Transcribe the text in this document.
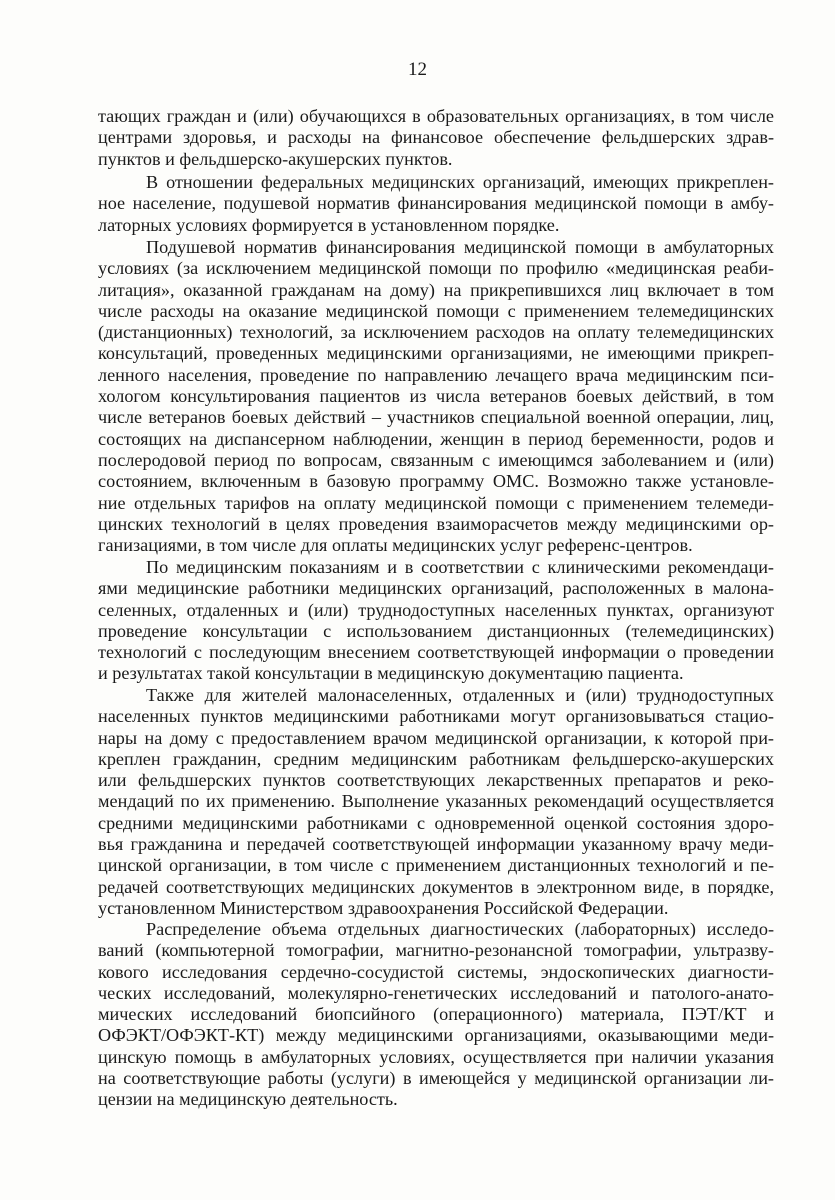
12
тающих граждан и (или) обучающихся в образовательных организациях, в том числе
центрами здоровья, и расходы на финансовое обеспечение фельдшерских здрав-
пунктов и фельдшерско-акушерских пунктов.
В отношении федеральных медицинских организаций, имеющих прикреплен-
ное население, подушевой норматив финансирования медицинской помощи в амбу-
латорных условиях формируется в установленном порядке.
Подушевой норматив финансирования медицинской помощи в амбулаторных
условиях (за исключением медицинской помощи по профилю «медицинская реаби-
литация», оказанной гражданам на дому) на прикрепившихся лиц включает в том
числе расходы на оказание медицинской помощи с применением телемедицинских
(дистанционных) технологий, за исключением расходов на оплату телемедицинских
консультаций, проведенных медицинскими организациями, не имеющими прикреп-
ленного населения, проведение по направлению лечащего врача медицинским пси-
хологом консультирования пациентов из числа ветеранов боевых действий, в том
числе ветеранов боевых действий – участников специальной военной операции, лиц,
состоящих на диспансерном наблюдении, женщин в период беременности, родов и
послеродовой период по вопросам, связанным с имеющимся заболеванием и (или)
состоянием, включенным в базовую программу ОМС. Возможно также установле-
ние отдельных тарифов на оплату медицинской помощи с применением телемеди-
цинских технологий в целях проведения взаиморасчетов между медицинскими ор-
ганизациями, в том числе для оплаты медицинских услуг референс-центров.
По медицинским показаниям и в соответствии с клиническими рекомендаци-
ями медицинские работники медицинских организаций, расположенных в малона-
селенных, отдаленных и (или) труднодоступных населенных пунктах, организуют
проведение консультации с использованием дистанционных (телемедицинских)
технологий с последующим внесением соответствующей информации о проведении
и результатах такой консультации в медицинскую документацию пациента.
Также для жителей малонаселенных, отдаленных и (или) труднодоступных
населенных пунктов медицинскими работниками могут организовываться стацио-
нары на дому с предоставлением врачом медицинской организации, к которой при-
креплен гражданин, средним медицинским работникам фельдшерско-акушерских
или фельдшерских пунктов соответствующих лекарственных препаратов и реко-
мендаций по их применению. Выполнение указанных рекомендаций осуществляется
средними медицинскими работниками с одновременной оценкой состояния здоро-
вья гражданина и передачей соответствующей информации указанному врачу меди-
цинской организации, в том числе с применением дистанционных технологий и пе-
редачей соответствующих медицинских документов в электронном виде, в порядке,
установленном Министерством здравоохранения Российской Федерации.
Распределение объема отдельных диагностических (лабораторных) исследо-
ваний (компьютерной томографии, магнитно-резонансной томографии, ультразву-
кового исследования сердечно-сосудистой системы, эндоскопических диагности-
ческих исследований, молекулярно-генетических исследований и патолого-анато-
мических исследований биопсийного (операционного) материала, ПЭТ/КТ и
ОФЭКТ/ОФЭКТ-КТ) между медицинскими организациями, оказывающими меди-
цинскую помощь в амбулаторных условиях, осуществляется при наличии указания
на соответствующие работы (услуги) в имеющейся у медицинской организации ли-
цензии на медицинскую деятельность.
